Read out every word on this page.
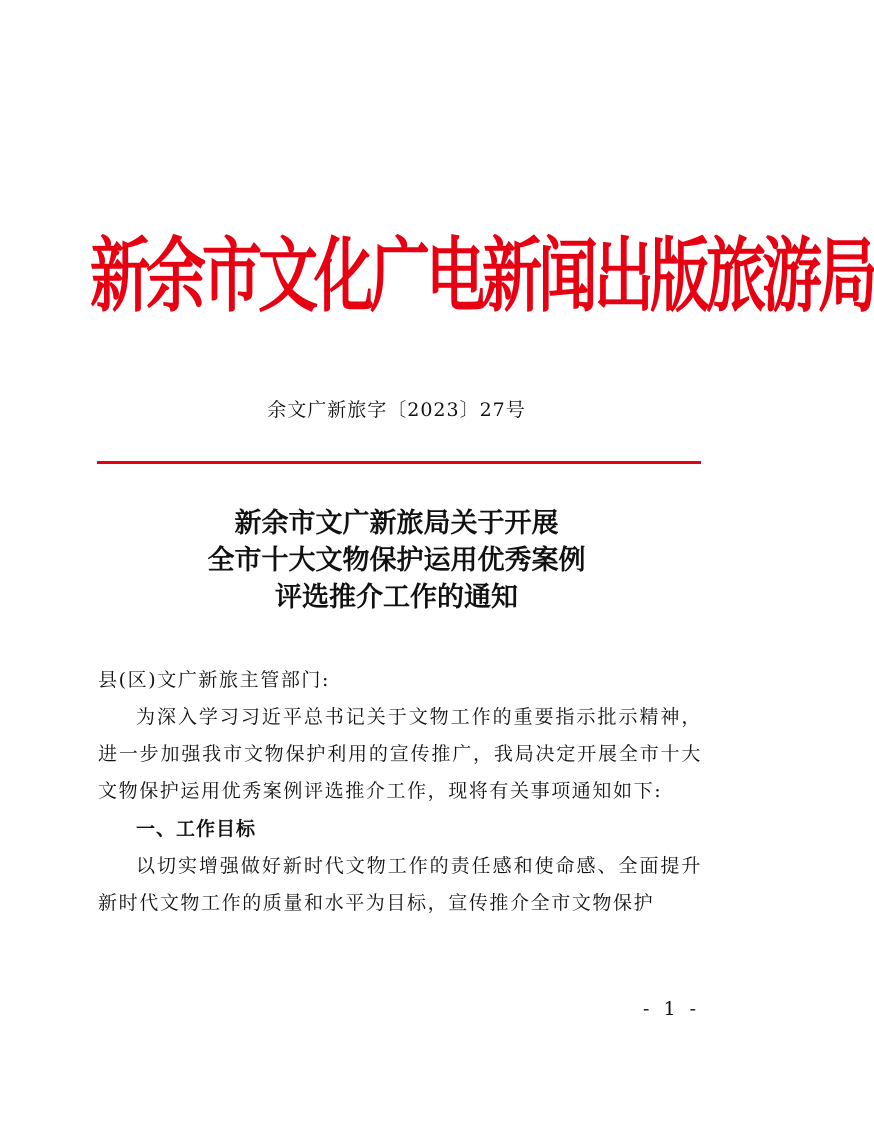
新余市文化广电新闻出版旅游局
余文广新旅字〔2023〕27号
新余市文广新旅局关于开展
全市十大文物保护运用优秀案例
评选推介工作的通知

县(区)文广新旅主管部门:

为深入学习习近平总书记关于文物工作的重要指示批示精神，进一步加强我市文物保护利用的宣传推广，我局决定开展全市十大文物保护运用优秀案例评选推介工作，现将有关事项通知如下:

一、工作目标

以切实增强做好新时代文物工作的责任感和使命感、全面提升新时代文物工作的质量和水平为目标，宣传推介全市文物保护

- 1 -
